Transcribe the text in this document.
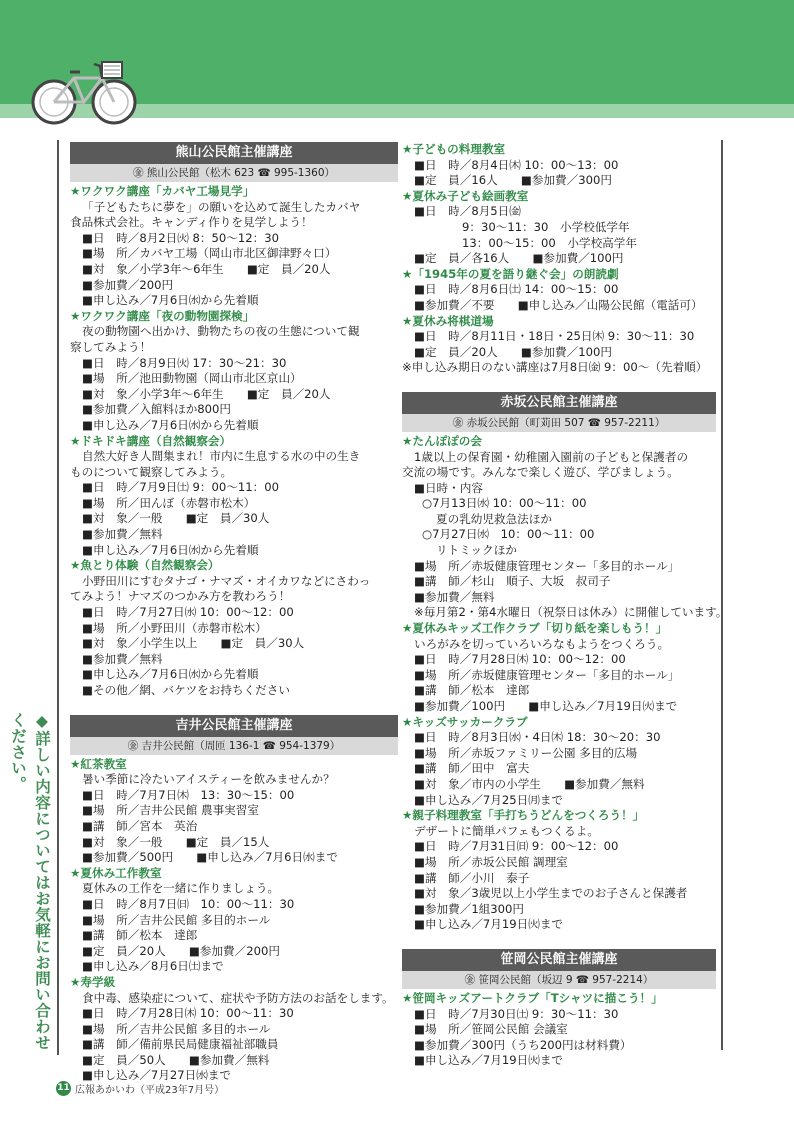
◆詳しい内容についてはお気軽にお問い合わせください。
熊山公民館主催講座
㊎ 熊山公民館（松木 623 ☎ 995-1360）
★ワクワク講座「カバヤ工場見学」
「子どもたちに夢を」の願いを込めて誕生したカバヤ
食品株式会社。キャンディ作りを見学しよう！
■日　時／8月2日㈫ 8：50～12：30
■場　所／カバヤ工場（岡山市北区御津野々口）
■対　象／小学3年～6年生　　■定　員／20人
■参加費／200円
■申し込み／7月6日㈬から先着順
★ワクワク講座「夜の動物園探検」
夜の動物園へ出かけ、動物たちの夜の生態について観
察してみよう！
■日　時／8月9日㈫ 17：30～21：30
■場　所／池田動物園（岡山市北区京山）
■対　象／小学3年～6年生　　■定　員／20人
■参加費／入館料ほか800円
■申し込み／7月6日㈬から先着順
★ドキドキ講座（自然観察会）
自然大好き人間集まれ！市内に生息する水の中の生き
ものについて観察してみよう。
■日　時／7月9日㈯ 9：00～11：00
■場　所／田んぼ（赤磐市松木）
■対　象／一般　　■定　員／30人
■参加費／無料
■申し込み／7月6日㈬から先着順
★魚とり体験（自然観察会）
小野田川にすむタナゴ・ナマズ・オイカワなどにさわっ
てみよう！ナマズのつかみ方を教わろう！
■日　時／7月27日㈬ 10：00～12：00
■場　所／小野田川（赤磐市松木）
■対　象／小学生以上　　■定　員／30人
■参加費／無料
■申し込み／7月6日㈬から先着順
■その他／網、バケツをお持ちください
吉井公民館主催講座
㊎ 吉井公民館（周匝 136-1 ☎ 954-1379）
★紅茶教室
暑い季節に冷たいアイスティーを飲みませんか？
■日　時／7月7日㈭　13：30～15：00
■場　所／吉井公民館 農事実習室
■講　師／宮本　英治
■対　象／一般　　■定　員／15人
■参加費／500円　　■申し込み／7月6日㈬まで
★夏休み工作教室
夏休みの工作を一緒に作りましょう。
■日　時／8月7日㈰　10：00～11：30
■場　所／吉井公民館 多目的ホール
■講　師／松本　達郎
■定　員／20人　　■参加費／200円
■申し込み／8月6日㈯まで
★寿学級
食中毒、感染症について、症状や予防方法のお話をします。
■日　時／7月28日㈭ 10：00～11：30
■場　所／吉井公民館 多目的ホール
■講　師／備前県民局健康福祉部職員
■定　員／50人　　■参加費／無料
■申し込み／7月27日㈬まで
★子どもの料理教室
■日　時／8月4日㈭ 10：00～13：00
■定　員／16人　　■参加費／300円
★夏休み子ども絵画教室
■日　時／8月5日㈮
9：30～11：30　小学校低学年
13：00～15：00　小学校高学年
■定　員／各16人　　■参加費／100円
★「1945年の夏を語り継ぐ会」の朗読劇
■日　時／8月6日㈯ 14：00～15：00
■参加費／不要　　■申し込み／山陽公民館（電話可）
★夏休み将棋道場
■日　時／8月11日・18日・25日㈭ 9：30～11：30
■定　員／20人　　■参加費／100円
※申し込み期日のない講座は7月8日㈮ 9：00～（先着順）
赤坂公民館主催講座
㊎ 赤坂公民館（町苅田 507 ☎ 957-2211）
★たんぽぽの会
1歳以上の保育園・幼稚園入園前の子どもと保護者の
交流の場です。みんなで楽しく遊び、学びましょう。
■日時・内容
○7月13日㈬ 10：00～11：00
夏の乳幼児救急法ほか
○7月27日㈬　10：00～11：00
リトミックほか
■場　所／赤坂健康管理センター「多目的ホール」
■講　師／杉山　順子、大坂　叔司子
■参加費／無料
※毎月第2・第4水曜日（祝祭日は休み）に開催しています。
★夏休みキッズ工作クラブ「切り紙を楽しもう！」
いろがみを切っていろいろなもようをつくろう。
■日　時／7月28日㈭ 10：00～12：00
■場　所／赤坂健康管理センター「多目的ホール」
■講　師／松本　達郎
■参加費／100円　　■申し込み／7月19日㈫まで
★キッズサッカークラブ
■日　時／8月3日㈬・4日㈭ 18：30～20：30
■場　所／赤坂ファミリー公園 多目的広場
■講　師／田中　富夫
■対　象／市内の小学生　　■参加費／無料
■申し込み／7月25日㈪まで
★親子料理教室「手打ちうどんをつくろう！」
デザートに簡単パフェもつくるよ。
■日　時／7月31日㈰ 9：00～12：00
■場　所／赤坂公民館 調理室
■講　師／小川　泰子
■対　象／3歳児以上小学生までのお子さんと保護者
■参加費／1組300円
■申し込み／7月19日㈫まで
笹岡公民館主催講座
㊎ 笹岡公民館（坂辺 9 ☎ 957-2214）
★笹岡キッズアートクラブ「Tシャツに描こう！」
■日　時／7月30日㈯ 9：30～11：30
■場　所／笹岡公民館 会議室
■参加費／300円（うち200円は材料費）
■申し込み／7月19日㈫まで
11 広報あかいわ（平成23年7月号）
